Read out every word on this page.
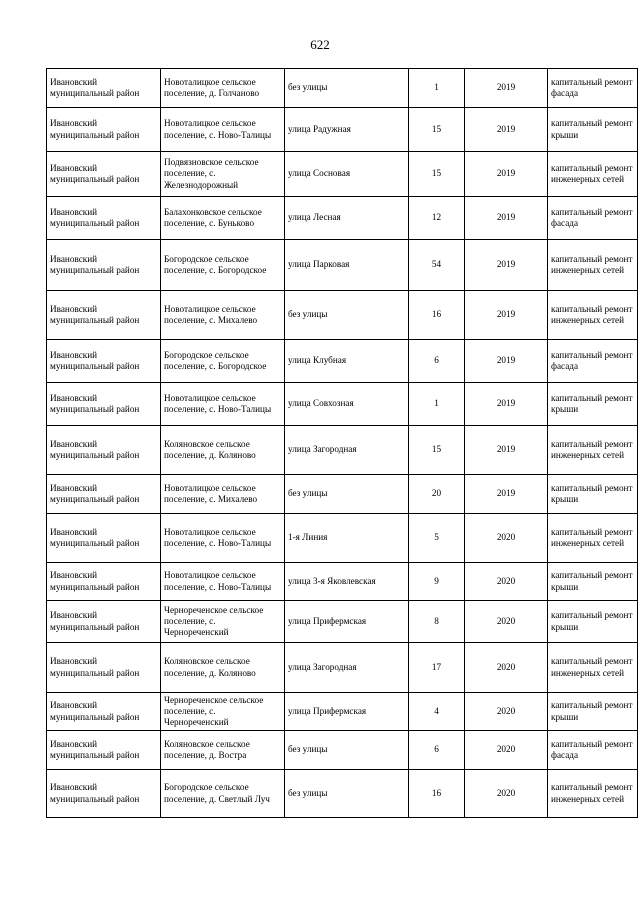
622
Ивановский муниципальный район	Новоталицкое сельское поселение, д. Голчаново	без улицы	1	2019	капитальный ремонт фасада
Ивановский муниципальный район	Новоталицкое сельское поселение, с. Ново-Талицы	улица Радужная	15	2019	капитальный ремонт крыши
Ивановский муниципальный район	Подвязновское сельское поселение, с. Железнодорожный	улица Сосновая	15	2019	капитальный ремонт инженерных сетей
Ивановский муниципальный район	Балахонковское сельское поселение, с. Буньково	улица Лесная	12	2019	капитальный ремонт фасада
Ивановский муниципальный район	Богородское сельское поселение, с. Богородское	улица Парковая	54	2019	капитальный ремонт инженерных сетей
Ивановский муниципальный район	Новоталицкое сельское поселение, с. Михалево	без улицы	16	2019	капитальный ремонт инженерных сетей
Ивановский муниципальный район	Богородское сельское поселение, с. Богородское	улица Клубная	6	2019	капитальный ремонт фасада
Ивановский муниципальный район	Новоталицкое сельское поселение, с. Ново-Талицы	улица Совхозная	1	2019	капитальный ремонт крыши
Ивановский муниципальный район	Коляновское сельское поселение, д. Коляново	улица Загородная	15	2019	капитальный ремонт инженерных сетей
Ивановский муниципальный район	Новоталицкое сельское поселение, с. Михалево	без улицы	20	2019	капитальный ремонт крыши
Ивановский муниципальный район	Новоталицкое сельское поселение, с. Ново-Талицы	1-я Линия	5	2020	капитальный ремонт инженерных сетей
Ивановский муниципальный район	Новоталицкое сельское поселение, с. Ново-Талицы	улица 3-я Яковлевская	9	2020	капитальный ремонт крыши
Ивановский муниципальный район	Чернореченское сельское поселение, с. Чернореченский	улица Прифермская	8	2020	капитальный ремонт крыши
Ивановский муниципальный район	Коляновское сельское поселение, д. Коляново	улица Загородная	17	2020	капитальный ремонт инженерных сетей
Ивановский муниципальный район	Чернореченское сельское поселение, с. Чернореченский	улица Прифермская	4	2020	капитальный ремонт крыши
Ивановский муниципальный район	Коляновское сельское поселение, д. Востра	без улицы	6	2020	капитальный ремонт фасада
Ивановский муниципальный район	Богородское сельское поселение, д. Светлый Луч	без улицы	16	2020	капитальный ремонт инженерных сетей
